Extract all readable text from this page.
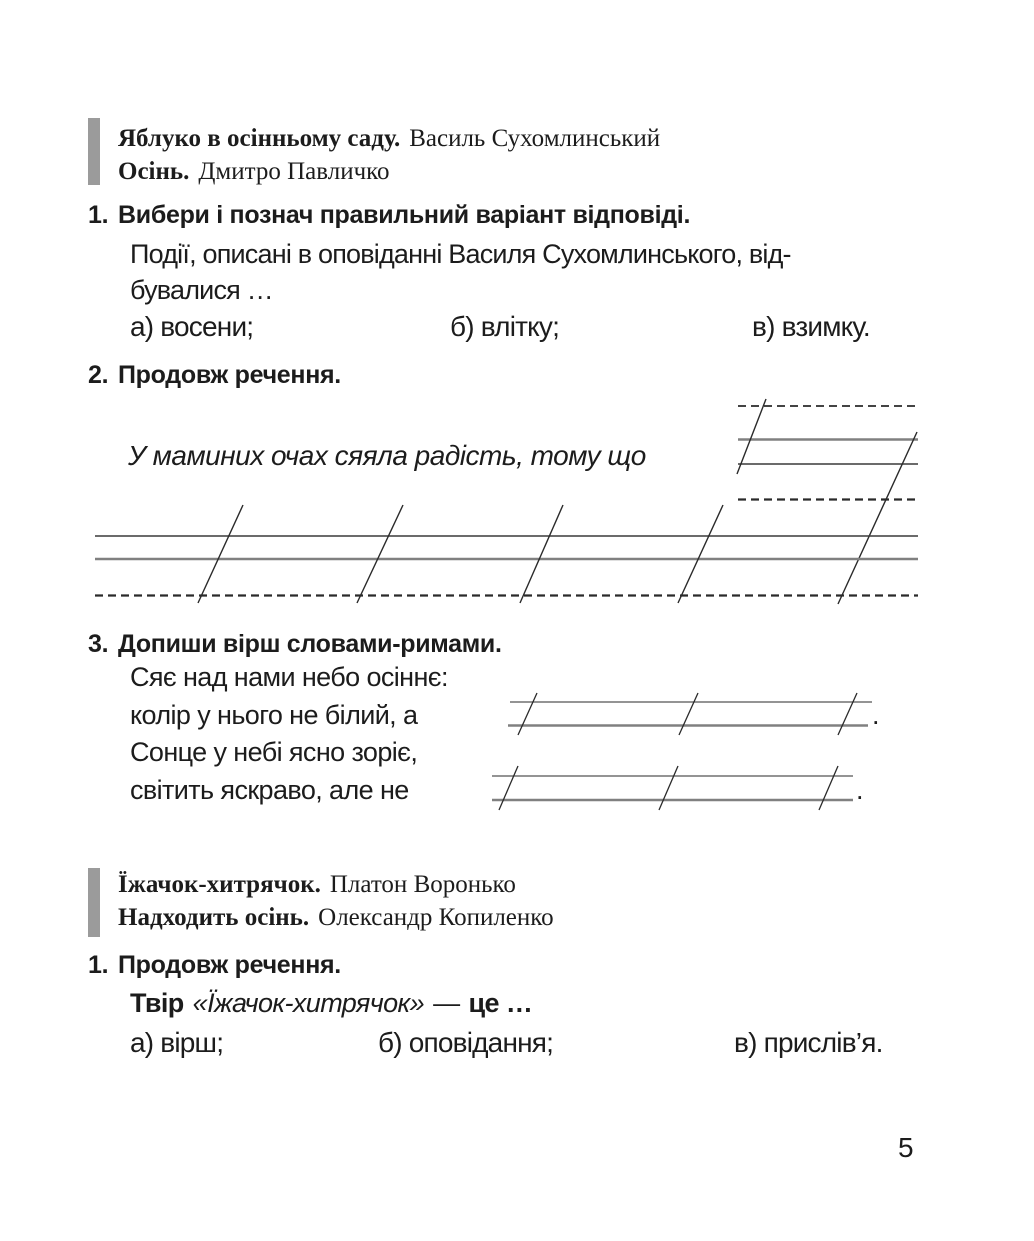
Яблуко в осінньому саду. Василь Сухомлинський
Осінь. Дмитро Павличко
1. Вибери і познач правильний варіант відповіді.
Події, описані в оповіданні Василя Сухомлинського, від-
бувалися …
а) восени;	б) влітку;	в) взимку.
2. Продовж речення.
У маминих очах сяяла радість, тому що
3. Допиши вірш словами-римами.
Сяє над нами небо осіннє:
колір у нього не білий, а
Сонце у небі ясно зоріє,
світить яскраво, але не
.
.
Їжачок-хитрячок. Платон Воронько
Надходить осінь. Олександр Копиленко
1. Продовж речення.
Твір «Їжачок-хитрячок» — це …
а) вірш;	б) оповідання;	в) прислів’я.
5
